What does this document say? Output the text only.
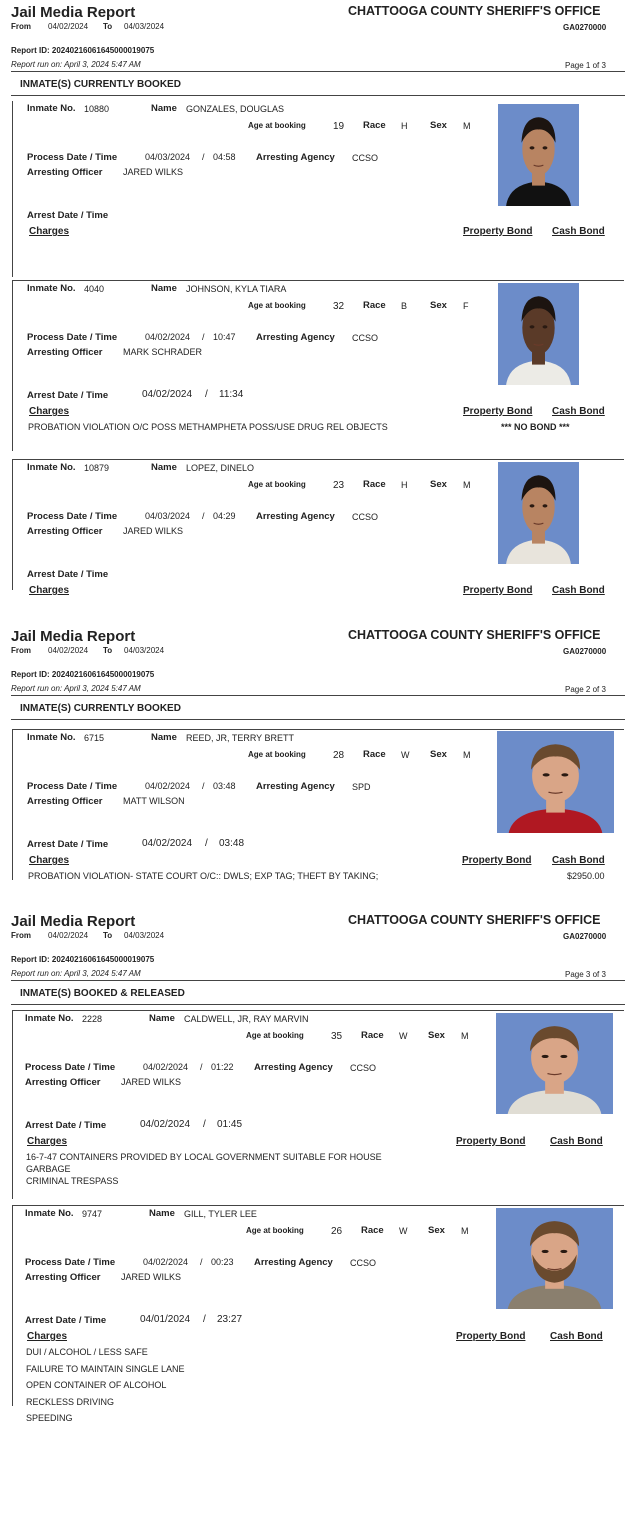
Jail Media Report	CHATTOOGA COUNTY SHERIFF'S OFFICE
From 04/02/2024 To 04/03/2024	GA0270000
Report ID: 20240216061645000019075
Report run on: April 3, 2024 5:47 AM	Page 1 of 3
INMATE(S) CURRENTLY BOOKED
Jail Media Report	CHATTOOGA COUNTY SHERIFF'S OFFICE
From 04/02/2024 To 04/03/2024	GA0270000
Report ID: 20240216061645000019075
Report run on: April 3, 2024 5:47 AM	Page 2 of 3
INMATE(S) CURRENTLY BOOKED
Jail Media Report	CHATTOOGA COUNTY SHERIFF'S OFFICE
From 04/02/2024 To 04/03/2024	GA0270000
Report ID: 20240216061645000019075
Report run on: April 3, 2024 5:47 AM	Page 3 of 3
INMATE(S) BOOKED & RELEASED
Inmate No. 10880	Name GONZALES, DOUGLAS
Age at booking	19 Race H Sex M
Process Date / Time	04/03/2024 / 04:58 Arresting Agency CCSO
Arresting Officer JARED WILKS
Arrest Date / Time
Charges	Property Bond Cash Bond
Inmate No. 4040	Name JOHNSON, KYLA TIARA
Age at booking	32 Race B Sex F
Process Date / Time	04/02/2024 / 10:47 Arresting Agency CCSO
Arresting Officer MARK SCHRADER
Arrest Date / Time	04/02/2024 / 11:34
Charges	Property Bond Cash Bond
PROBATION VIOLATION O/C POSS METHAMPHETA POSS/USE DRUG REL OBJECTS	*** NO BOND ***
Inmate No. 10879	Name LOPEZ, DINELO
Age at booking	23 Race H Sex M
Process Date / Time	04/03/2024 / 04:29 Arresting Agency CCSO
Arresting Officer JARED WILKS
Arrest Date / Time
Charges	Property Bond Cash Bond
Inmate No. 6715	Name REED, JR, TERRY BRETT
Age at booking	28 Race W Sex M
Process Date / Time	04/02/2024 / 03:48 Arresting Agency SPD
Arresting Officer MATT WILSON
Arrest Date / Time	04/02/2024 / 03:48
Charges	Property Bond Cash Bond
PROBATION VIOLATION- STATE COURT O/C:: DWLS; EXP TAG; THEFT BY TAKING;	$2950.00
Inmate No. 2228	Name CALDWELL, JR, RAY MARVIN
Age at booking	35 Race W Sex M
Process Date / Time	04/02/2024 / 01:22 Arresting Agency CCSO
Arresting Officer JARED WILKS
Arrest Date / Time	04/02/2024 / 01:45
Charges	Property Bond Cash Bond
16-7-47 CONTAINERS PROVIDED BY LOCAL GOVERNMENT SUITABLE FOR HOUSE
GARBAGE
CRIMINAL TRESPASS
Inmate No. 9747	Name GILL, TYLER LEE
Age at booking	26 Race W Sex M
Process Date / Time	04/02/2024 / 00:23 Arresting Agency CCSO
Arresting Officer JARED WILKS
Arrest Date / Time	04/01/2024 / 23:27
Charges	Property Bond Cash Bond
DUI / ALCOHOL / LESS SAFE
FAILURE TO MAINTAIN SINGLE LANE
OPEN CONTAINER OF ALCOHOL
RECKLESS DRIVING
SPEEDING
